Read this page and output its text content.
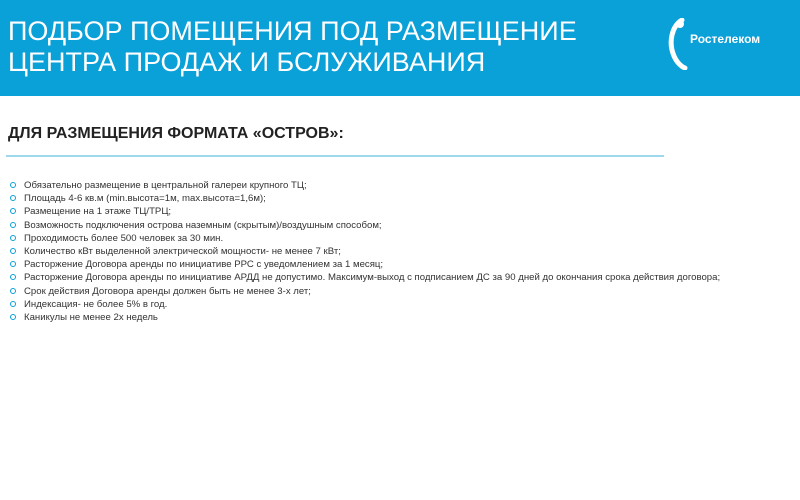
ПОДБОР ПОМЕЩЕНИЯ ПОД РАЗМЕЩЕНИЕ
ЦЕНТРА ПРОДАЖ И БСЛУЖИВАНИЯ
Ростелеком
ДЛЯ РАЗМЕЩЕНИЯ ФОРМАТА «ОСТРОВ»:
Обязательно размещение в центральной галереи крупного ТЦ;
Площадь 4-6 кв.м (min.высота=1м, max.высота=1,6м);
Размещение на 1 этаже ТЦ/ТРЦ;
Возможность подключения острова наземным (скрытым)/воздушным способом;
Проходимость более 500 человек за 30 мин.
Количество кВт выделенной электрической мощности- не менее 7 кВт;
Расторжение Договора аренды по инициативе РРС с уведомлением за 1 месяц;
Расторжение Договора аренды по инициативе АРДД не допустимо. Максимум-выход с подписанием ДС за 90 дней до окончания срока действия договора;
Срок действия Договора аренды должен быть не менее 3-х лет;
Индексация- не более 5% в год.
Каникулы не менее 2х недель
